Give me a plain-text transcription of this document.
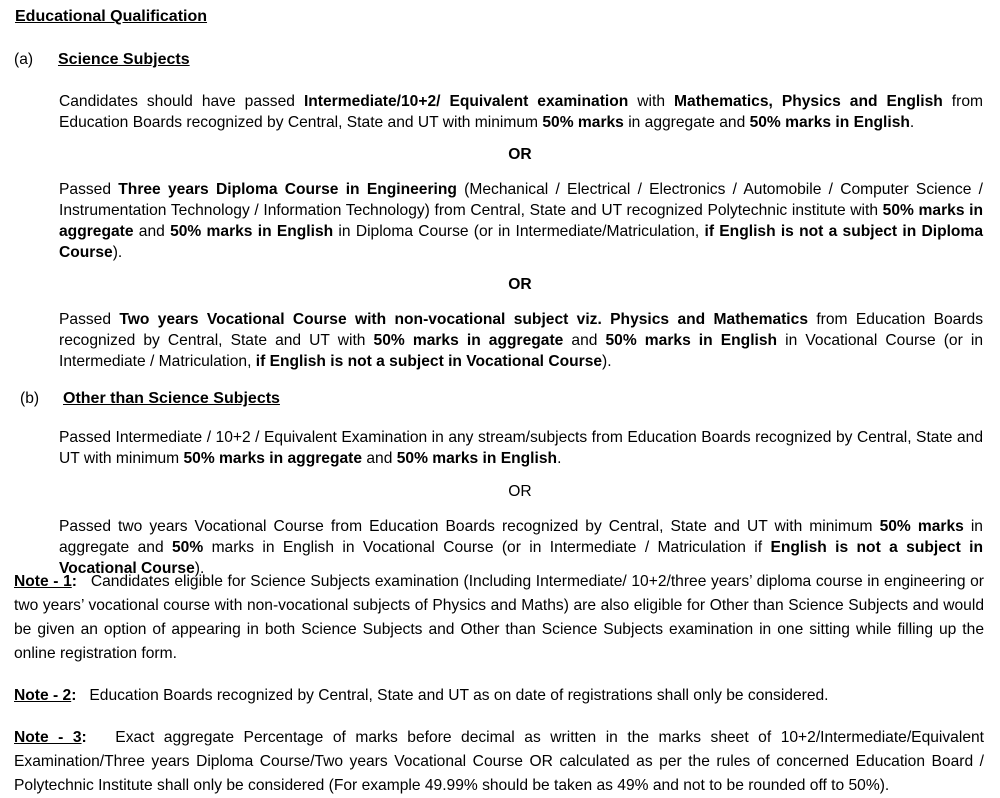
Educational Qualification
(a) Science Subjects
Candidates should have passed Intermediate/10+2/ Equivalent examination with Mathematics, Physics and English from Education Boards recognized by Central, State and UT with minimum 50% marks in aggregate and 50% marks in English.
OR
Passed Three years Diploma Course in Engineering (Mechanical / Electrical / Electronics / Automobile / Computer Science / Instrumentation Technology / Information Technology) from Central, State and UT recognized Polytechnic institute with 50% marks in aggregate and 50% marks in English in Diploma Course (or in Intermediate/Matriculation, if English is not a subject in Diploma Course).
OR
Passed Two years Vocational Course with non-vocational subject viz. Physics and Mathematics from Education Boards recognized by Central, State and UT with 50% marks in aggregate and 50% marks in English in Vocational Course (or in Intermediate / Matriculation, if English is not a subject in Vocational Course).
(b) Other than Science Subjects
Passed Intermediate / 10+2 / Equivalent Examination in any stream/subjects from Education Boards recognized by Central, State and UT with minimum 50% marks in aggregate and 50% marks in English.
OR
Passed two years Vocational Course from Education Boards recognized by Central, State and UT with minimum 50% marks in aggregate and 50% marks in English in Vocational Course (or in Intermediate / Matriculation if English is not a subject in Vocational Course).
Note - 1: Candidates eligible for Science Subjects examination (Including Intermediate/ 10+2/three years’ diploma course in engineering or two years’ vocational course with non-vocational subjects of Physics and Maths) are also eligible for Other than Science Subjects and would be given an option of appearing in both Science Subjects and Other than Science Subjects examination in one sitting while filling up the online registration form.
Note - 2: Education Boards recognized by Central, State and UT as on date of registrations shall only be considered.
Note - 3: Exact aggregate Percentage of marks before decimal as written in the marks sheet of 10+2/Intermediate/Equivalent Examination/Three years Diploma Course/Two years Vocational Course OR calculated as per the rules of concerned Education Board / Polytechnic Institute shall only be considered (For example 49.99% should be taken as 49% and not to be rounded off to 50%).
